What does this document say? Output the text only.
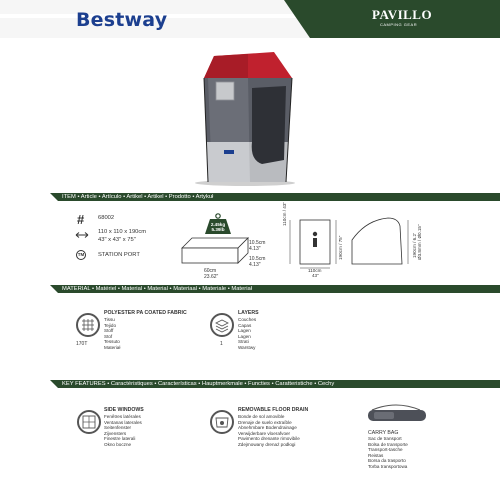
Bestway	PAVILLO
CAMPING GEAR
ITEM • Article • Artículo • Artikel • Artikel • Prodotto • Artykuł
# 68002
110 x 110 x 190cm
43" x 43" x 75"
TM	STATION PORT
2.45kg
5.39lb
10.5cm
4.13"
10.5cm
4.13"
60cm
23.62"
110cm / 43"
110cm
43"
190cm / 75"	190cm / 6.2' Ø3.8mm / Ø0.15"
MATERIAL • Matériel • Material • Material • Materiaal • Materiale • Materiał
170T
POLYESTER PA COATED FABRIC
Tissu
Tejido
Stoff
Stof
Tessuto
Materiał	1
LAYERS
Couches
Capas
Lagen
Lagen
Strati
Warstwy
KEY FEATURES • Caractéristiques • Características • Hauptmerkmale • Functies • Caratteristiche • Cechy
SIDE WINDOWS
Fenêtres latérales
Ventanas laterales
Seitenfenster
Zijvensters
Finestre laterali
Okno boczne
REMOVABLE FLOOR DRAIN
Bonde de sol amovible
Drenaje de suelo extraíble
Abnehmbare Bodendrainage
Verwijderbare vloerafvoer
Pavimento drenante rimovibile
Zdejmowany drenaż podłogi
CARRY BAG
Sac de transport
Bolsa de transporte
Transport-tasche
Reistas
Borsa da trasporto
Torba transportowa
